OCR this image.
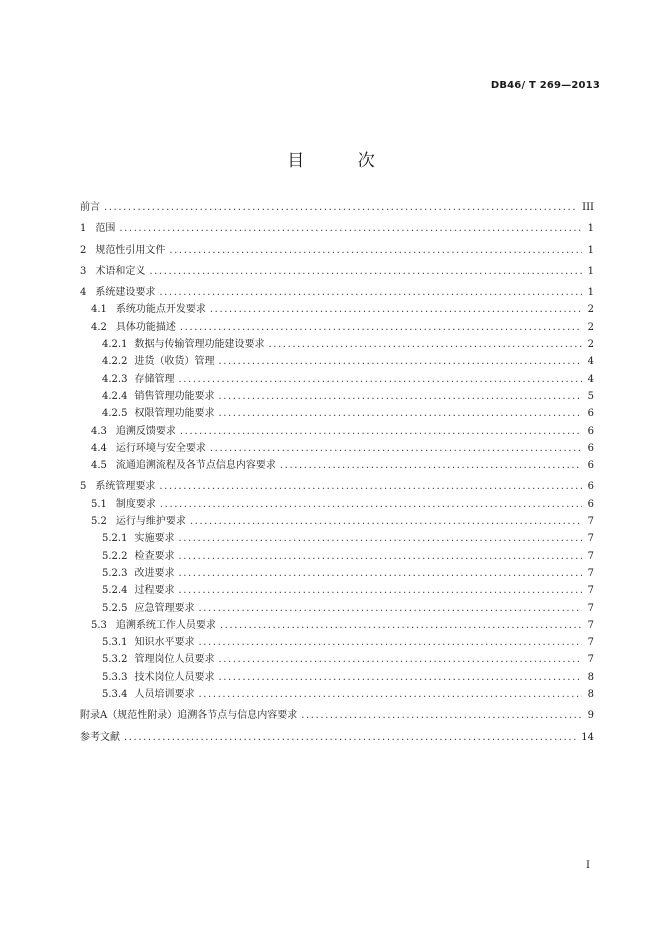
DB46/ T 269—2013
目 次
前言 .....	III
1 范围 .....	1
2 规范性引用文件 .....	1
3 术语和定义 .....	1
4 系统建设要求 .....	1
4.1 系统功能点开发要求 .....	2
4.2 具体功能描述 .....	2
4.2.1 数据与传输管理功能建设要求 .....	2
4.2.2 进货（收货）管理 .....	4
4.2.3 存储管理 .....	4
4.2.4 销售管理功能要求 .....	5
4.2.5 权限管理功能要求 .....	6
4.3 追溯反馈要求 .....	6
4.4 运行环境与安全要求 .....	6
4.5 流通追溯流程及各节点信息内容要求 .....	6
5 系统管理要求 .....	6
5.1 制度要求 .....	6
5.2 运行与维护要求 .....	7
5.2.1 实施要求 .....	7
5.2.2 检查要求 .....	7
5.2.3 改进要求 .....	7
5.2.4 过程要求 .....	7
5.2.5 应急管理要求 .....	7
5.3 追溯系统工作人员要求 .....	7
5.3.1 知识水平要求 .....	7
5.3.2 管理岗位人员要求 .....	7
5.3.3 技术岗位人员要求 .....	8
5.3.4 人员培训要求 .....	8
附录A（规范性附录）追溯各节点与信息内容要求 .....	9
参考文献 .....	14
I
